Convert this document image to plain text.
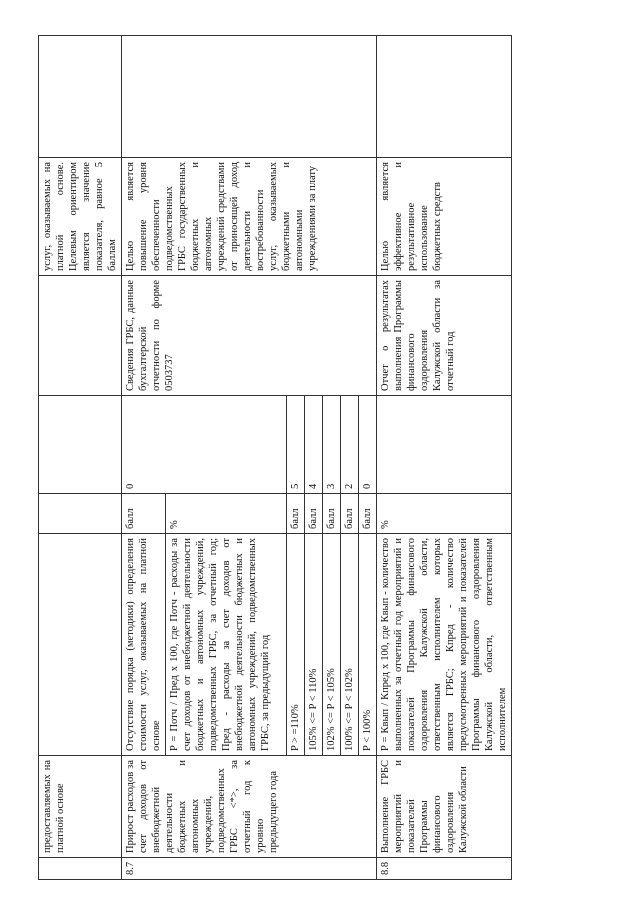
	предоставляемых на платной основе					услуг, оказываемых на платной основе. Целевым ориентиром является значение показателя, равное 5 баллам	
8.7	Прирост расходов за счет доходов от внебюджетной деятельности бюджетных и автономных учреждений, подведомственных ГРБС <*>, за отчетный год к уровню предыдущего года	Отсутствие порядка (методики) определения стоимости услуг, оказываемых на платной основе	балл	0	Сведения ГРБС, данные бухгалтерской отчетности по форме 0503737	Целью является повышение уровня обеспеченности подведомственных ГРБС государственных бюджетных и автономных учреждений средствами от приносящей доход деятельности и востребованности услуг, оказываемых бюджетными и автономными учреждениями за плату	
		P = Потч / Пред x 100, где Потч - расходы за счет доходов от внебюджетной деятельности бюджетных и автономных учреждений, подведомственных ГРБС, за отчетный год; Пред - расходы за счет доходов от внебюджетной деятельности бюджетных и автономных учреждений, подведомственных ГРБС, за предыдущий год	%				
		P > =110%	балл	5			
		105% <= P < 110%	балл	4			
		102% <= P < 105%	балл	3			
		100% <= P < 102%	балл	2			
		P < 100%	балл	0			
8.8	Выполнение ГРБС мероприятий и показателей Программы финансового оздоровления Калужской области	P = Квып / Кпред x 100, где Квып - количество выполненных за отчетный год мероприятий и показателей Программы финансового оздоровления Калужской области, ответственным исполнителем которых является ГРБС; Кпред - количество предусмотренных мероприятий и показателей Программы финансового оздоровления Калужской области, ответственным исполнителем	%		Отчет о результатах выполнения Программы финансового оздоровления Калужской области за отчетный год	Целью является эффективное и результативное использование бюджетных средств	
